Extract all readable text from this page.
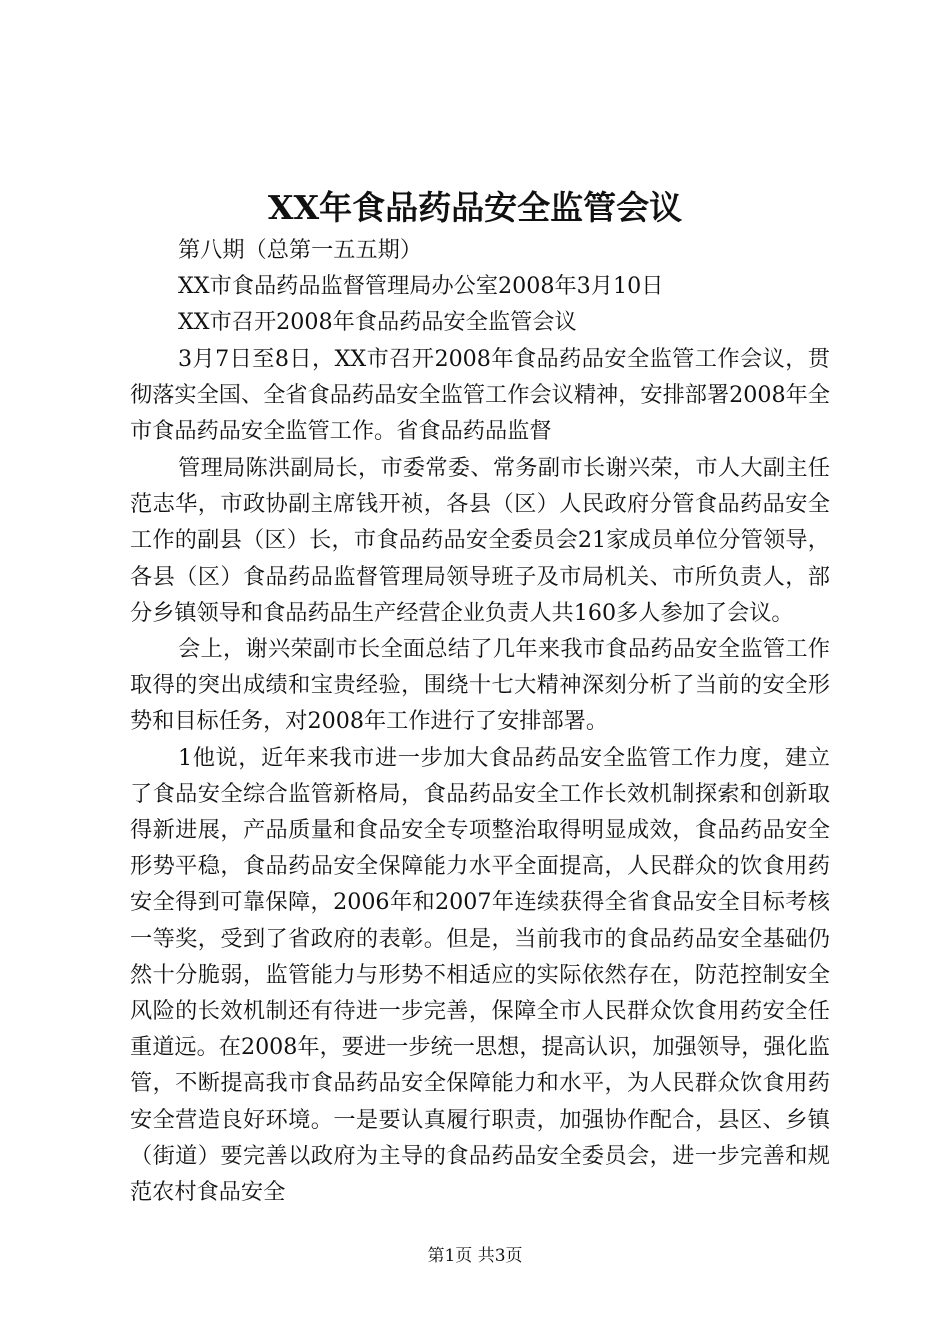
XX年食品药品安全监管会议

第八期（总第一五五期）

XX市食品药品监督管理局办公室2008年3月10日

XX市召开2008年食品药品安全监管会议

3月7日至8日，XX市召开2008年食品药品安全监管工作会议，贯彻落实全国、全省食品药品安全监管工作会议精神，安排部署2008年全市食品药品安全监管工作。省食品药品监督

管理局陈洪副局长，市委常委、常务副市长谢兴荣，市人大副主任范志华，市政协副主席钱开祯，各县（区）人民政府分管食品药品安全工作的副县（区）长，市食品药品安全委员会21家成员单位分管领导，各县（区）食品药品监督管理局领导班子及市局机关、市所负责人，部分乡镇领导和食品药品生产经营企业负责人共160多人参加了会议。

会上，谢兴荣副市长全面总结了几年来我市食品药品安全监管工作取得的突出成绩和宝贵经验，围绕十七大精神深刻分析了当前的安全形势和目标任务，对2008年工作进行了安排部署。

1他说，近年来我市进一步加大食品药品安全监管工作力度，建立了食品安全综合监管新格局，食品药品安全工作长效机制探索和创新取得新进展，产品质量和食品安全专项整治取得明显成效，食品药品安全形势平稳，食品药品安全保障能力水平全面提高，人民群众的饮食用药安全得到可靠保障，2006年和2007年连续获得全省食品安全目标考核一等奖，受到了省政府的表彰。但是，当前我市的食品药品安全基础仍然十分脆弱，监管能力与形势不相适应的实际依然存在，防范控制安全风险的长效机制还有待进一步完善，保障全市人民群众饮食用药安全任重道远。在2008年，要进一步统一思想，提高认识，加强领导，强化监管，不断提高我市食品药品安全保障能力和水平，为人民群众饮食用药安全营造良好环境。一是要认真履行职责，加强协作配合，县区、乡镇（街道）要完善以政府为主导的食品药品安全委员会，进一步完善和规范农村食品安全

第1页 共3页
